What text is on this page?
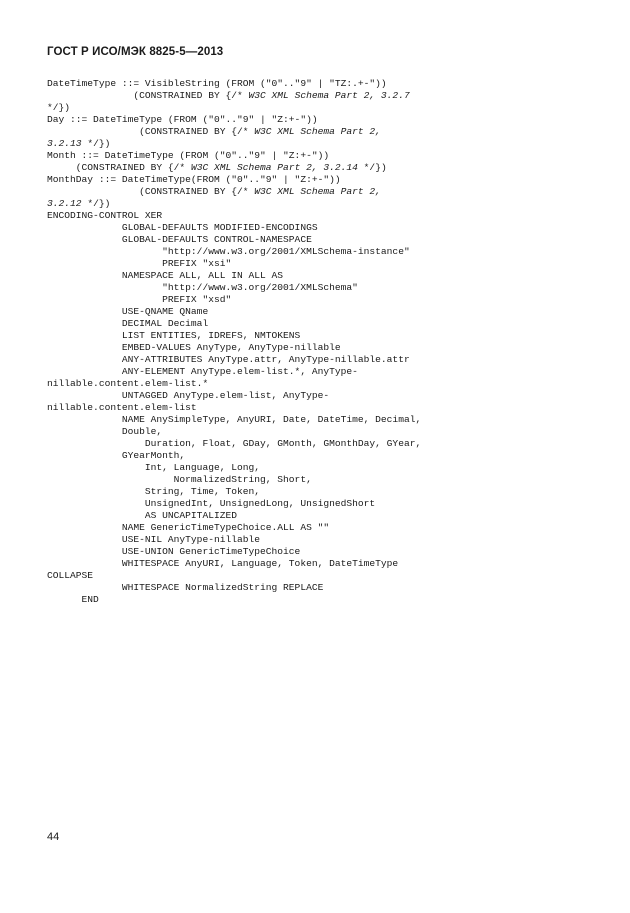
ГОСТ Р ИСО/МЭК 8825-5—2013
DateTimeType ::= VisibleString (FROM ("0".."9" | "TZ:.+-"))
(CONSTRAINED BY {/* W3C XML Schema Part 2, 3.2.7
*/})
Day ::= DateTimeType (FROM ("0".."9" | "Z:+-"))
(CONSTRAINED BY {/* W3C XML Schema Part 2,
3.2.13 */})
Month ::= DateTimeType (FROM ("0".."9" | "Z:+-"))
(CONSTRAINED BY {/* W3C XML Schema Part 2, 3.2.14 */})
MonthDay ::= DateTimeType(FROM ("0".."9" | "Z:+-"))
(CONSTRAINED BY {/* W3C XML Schema Part 2,
3.2.12 */})
ENCODING-CONTROL XER
GLOBAL-DEFAULTS MODIFIED-ENCODINGS
GLOBAL-DEFAULTS CONTROL-NAMESPACE
"http://www.w3.org/2001/XMLSchema-instance"
PREFIX "xsi"
NAMESPACE ALL, ALL IN ALL AS
"http://www.w3.org/2001/XMLSchema"
PREFIX "xsd"
USE-QNAME QName
DECIMAL Decimal
LIST ENTITIES, IDREFS, NMTOKENS
EMBED-VALUES AnyType, AnyType-nillable
ANY-ATTRIBUTES AnyType.attr, AnyType-nillable.attr
ANY-ELEMENT AnyType.elem-list.*, AnyType-
nillable.content.elem-list.*
UNTAGGED AnyType.elem-list, AnyType-
nillable.content.elem-list
NAME AnySimpleType, AnyURI, Date, DateTime, Decimal,
Double,
Duration, Float, GDay, GMonth, GMonthDay, GYear,
GYearMonth,
Int, Language, Long,
NormalizedString, Short,
String, Time, Token,
UnsignedInt, UnsignedLong, UnsignedShort
AS UNCAPITALIZED
NAME GenericTimeTypeChoice.ALL AS ""
USE-NIL AnyType-nillable
USE-UNION GenericTimeTypeChoice
WHITESPACE AnyURI, Language, Token, DateTimeType
COLLAPSE
WHITESPACE NormalizedString REPLACE
END
44
